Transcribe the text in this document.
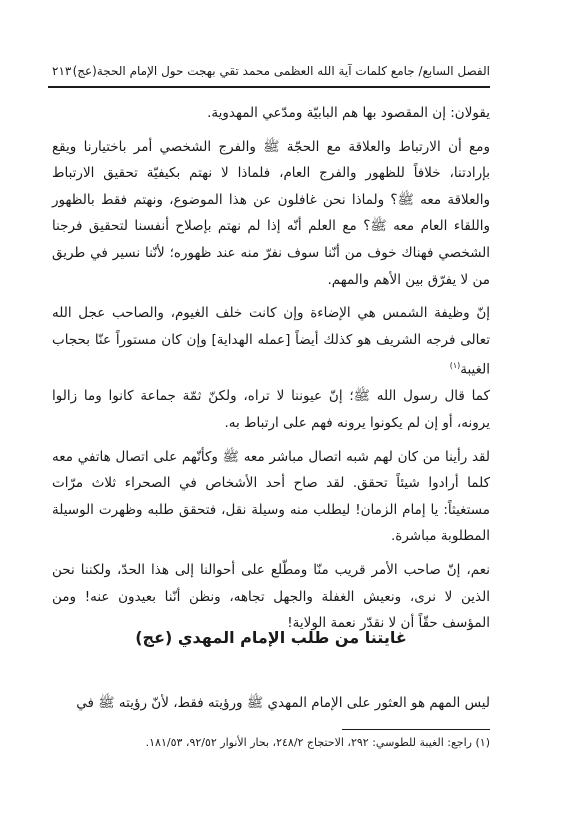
الفصل السابع/ جامع كلمات آية الله العظمى محمد تقي بهجت حول الإمام الحجة(عج)
٢١٣

يقولان: إن المقصود بها هم البابيّة ومدّعي المهدوية.

ومع أن الارتباط والعلاقة مع الحجّة ﷺ والفرج الشخصي أمر باختيارنا ويقع بإرادتنا، خلافاً للظهور والفرج العام، فلماذا لا نهتم بكيفيّة تحقيق الارتباط والعلاقة معه ﷺ؟ ولماذا نحن غافلون عن هذا الموضوع، ونهتم فقط بالظهور واللقاء العام معه ﷺ؟ مع العلم أنّه إذا لم نهتم بإصلاح أنفسنا لتحقيق فرجنا الشخصي فهناك خوف من أنّنا سوف نفرّ منه عند ظهوره؛ لأنّنا نسير في طريق من لا يفرّق بين الأهم والمهم.

إنّ وظيفة الشمس هي الإضاءة وإن كانت خلف الغيوم، والصاحب عجل الله تعالى فرجه الشريف هو كذلك أيضاً [عمله الهداية] وإن كان مستوراً عنّا بحجاب الغيبة$^{(١)}$

كما قال رسول الله ﷺ؛ إنّ عيوننا لا تراه، ولكنّ ثمّة جماعة كانوا وما زالوا يرونه، أو إن لم يكونوا يرونه فهم على ارتباط به.

لقد رأينا من كان لهم شبه اتصال مباشر معه ﷺ وكأنّهم على اتصال هاتفي معه كلما أرادوا شيئاً تحقق. لقد صاح أحد الأشخاص في الصحراء ثلاث مرّات مستغيثاً: يا إمام الزمان! ليطلب منه وسيلة نقل، فتحقق طلبه وظهرت الوسيلة المطلوبة مباشرة.

نعم، إنّ صاحب الأمر قريب منّا ومطّلع على أحوالنا إلى هذا الحدّ، ولكننا نحن الذين لا نرى، ونعيش الغفلة والجهل تجاهه، ونظن أنّنا بعيدون عنه! ومن المؤسف حقّاً أن لا نقدّر نعمة الولاية!

غايتنا من طلب الإمام المهدي (عج)

ليس المهم هو العثور على الإمام المهدي ﷺ ورؤيته فقط، لأنّ رؤيته ﷺ في

(١) راجع: الغيبة للطوسي: ٢٩٢، الاحتجاج ٢٤٨/٢، بحار الأنوار ٩٢/٥٢، ١٨١/٥٣.
